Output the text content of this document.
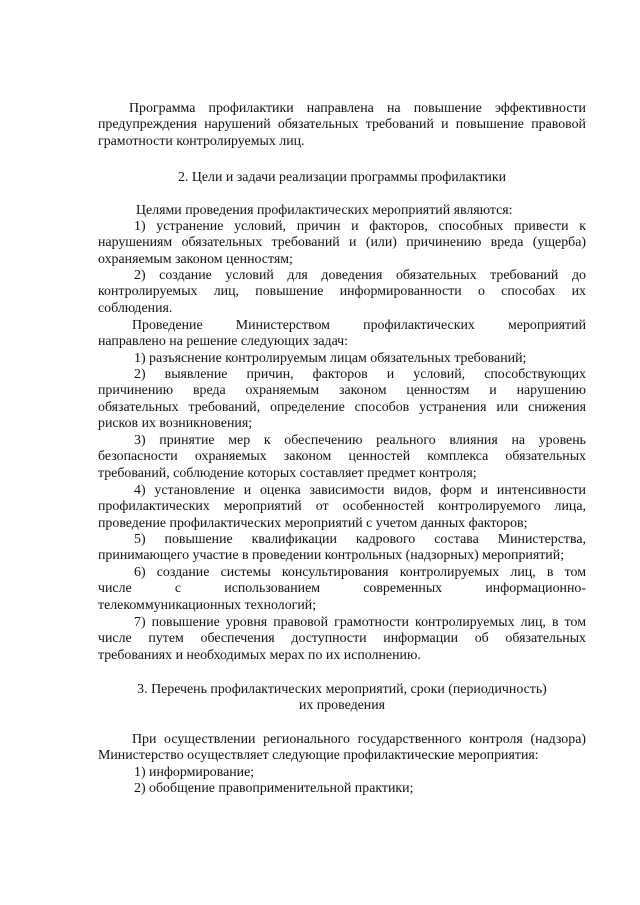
Программа профилактики направлена на повышение эффективности
предупреждения нарушений обязательных требований и повышение правовой
грамотности контролируемых лиц.
2. Цели и задачи реализации программы профилактики
Целями проведения профилактических мероприятий являются:
1) устранение условий, причин и факторов, способных привести к
нарушениям обязательных требований и (или) причинению вреда (ущерба)
охраняемым законом ценностям;
2) создание условий для доведения обязательных требований до
контролируемых лиц, повышение информированности о способах их
соблюдения.
Проведение Министерством профилактических мероприятий
направлено на решение следующих задач:
1) разъяснение контролируемым лицам обязательных требований;
2) выявление причин, факторов и условий, способствующих
причинению вреда охраняемым законом ценностям и нарушению
обязательных требований, определение способов устранения или снижения
рисков их возникновения;
3) принятие мер к обеспечению реального влияния на уровень
безопасности охраняемых законом ценностей комплекса обязательных
требований, соблюдение которых составляет предмет контроля;
4) установление и оценка зависимости видов, форм и интенсивности
профилактических мероприятий от особенностей контролируемого лица,
проведение профилактических мероприятий с учетом данных факторов;
5) повышение квалификации кадрового состава Министерства,
принимающего участие в проведении контрольных (надзорных) мероприятий;
6) создание системы консультирования контролируемых лиц, в том
числе с использованием современных информационно-
телекоммуникационных технологий;
7) повышение уровня правовой грамотности контролируемых лиц, в том
числе путем обеспечения доступности информации об обязательных
требованиях и необходимых мерах по их исполнению.
3. Перечень профилактических мероприятий, сроки (периодичность)
их проведения
При осуществлении регионального государственного контроля (надзора)
Министерство осуществляет следующие профилактические мероприятия:
1) информирование;
2) обобщение правоприменительной практики;
